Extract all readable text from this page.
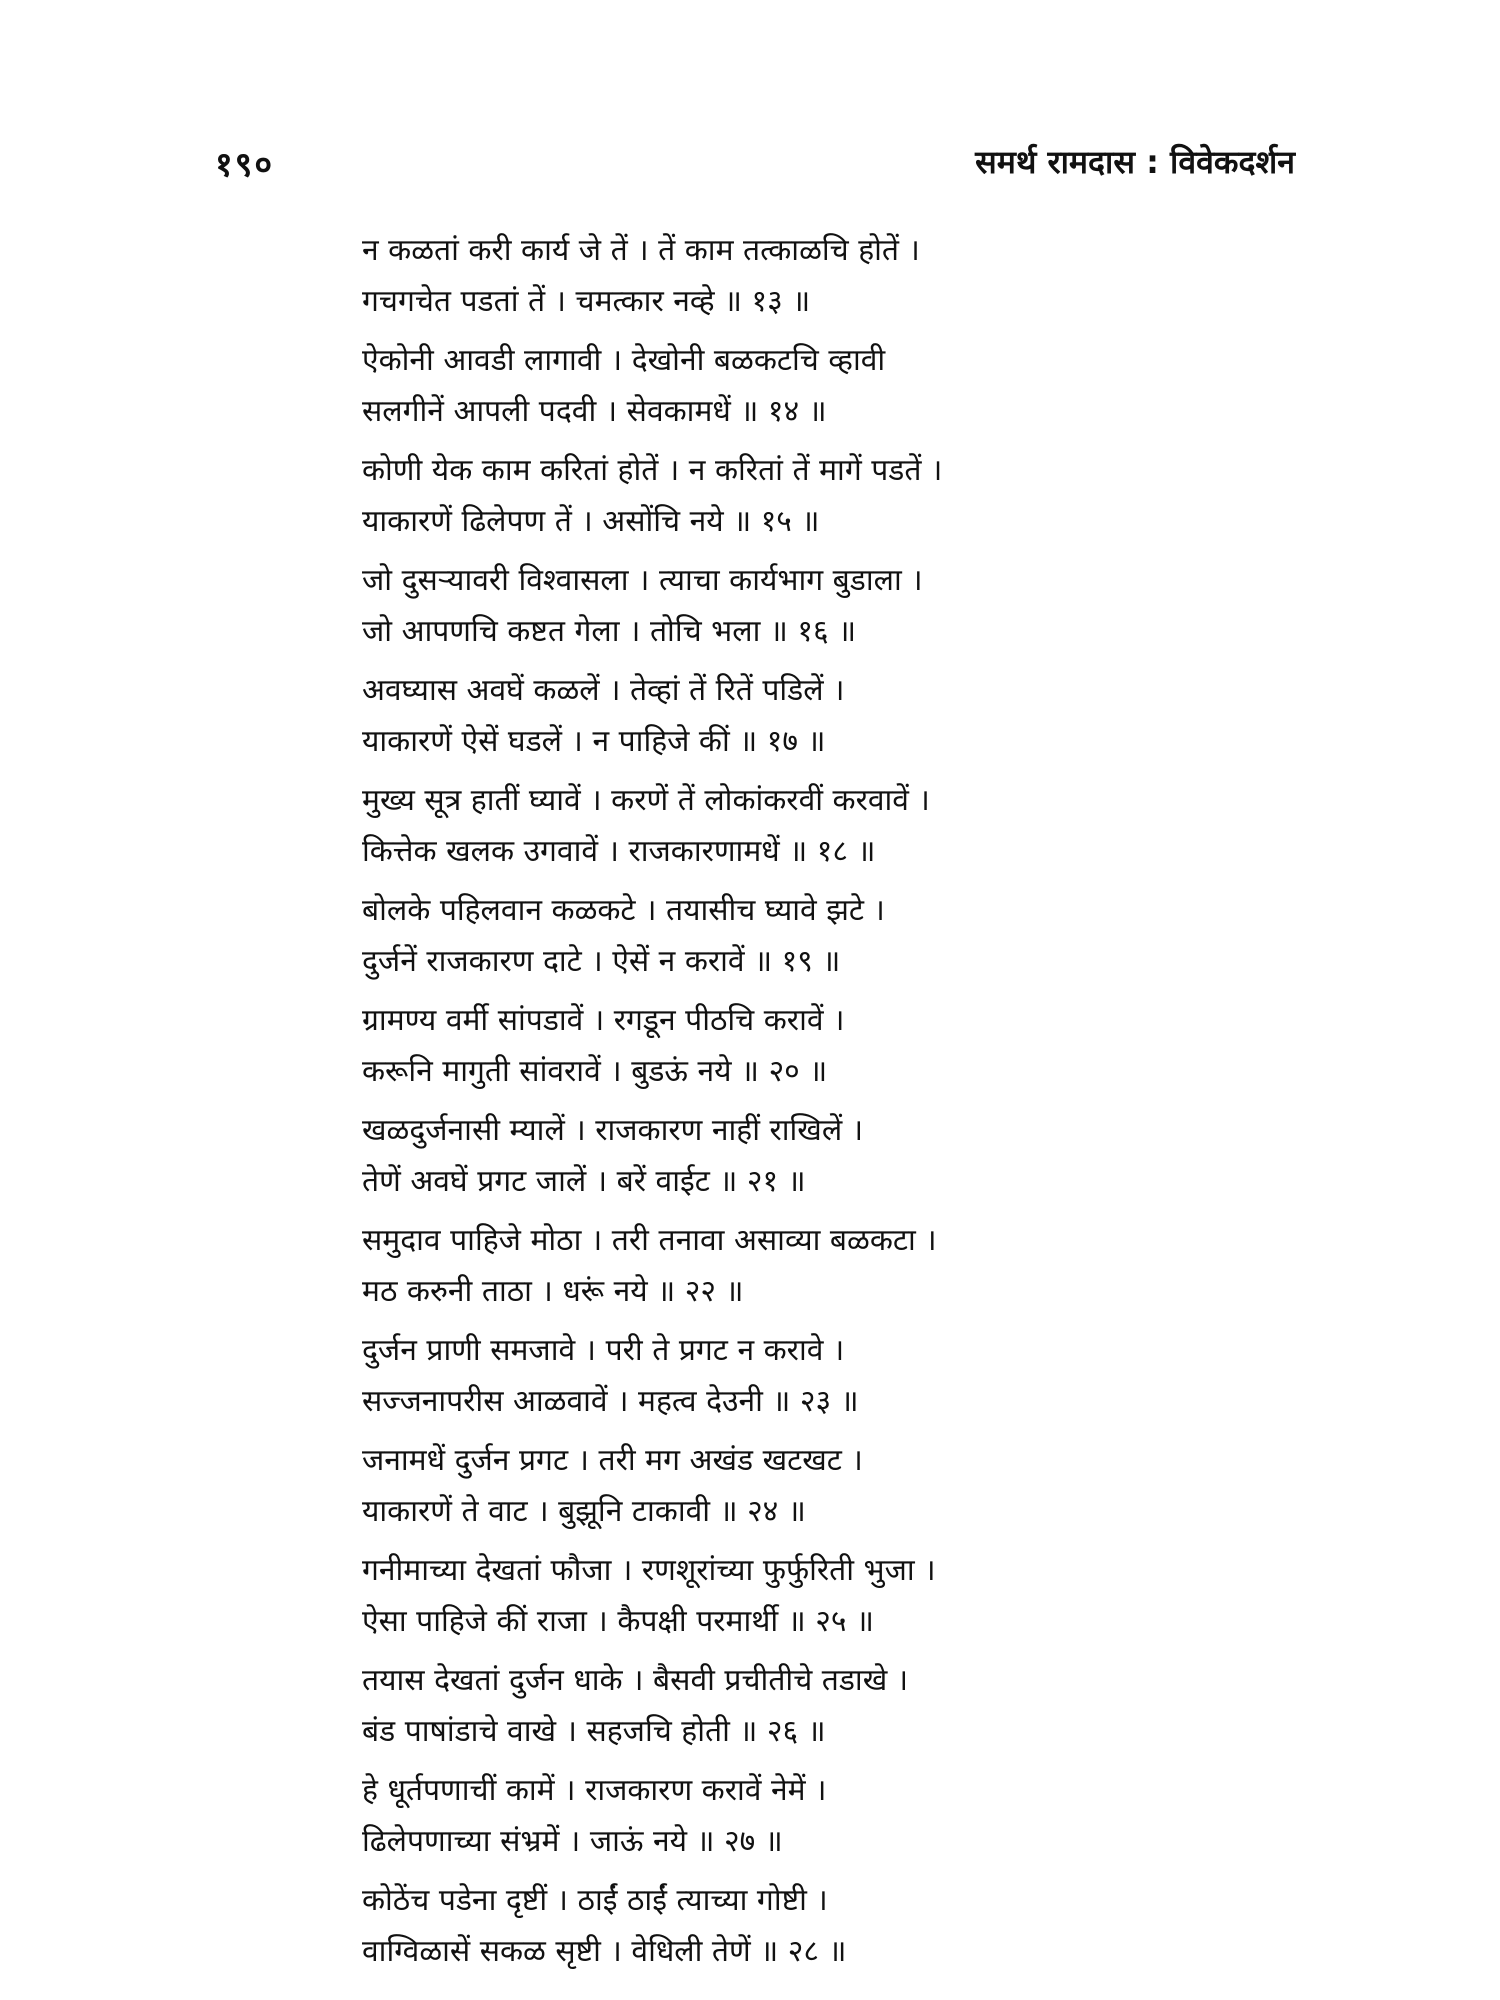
१९०	समर्थ रामदास : विवेकदर्शन
न कळतां करी कार्य जे तें । तें काम तत्काळचि होतें ।
गचगचेत पडतां तें । चमत्कार नव्हे ॥ १३ ॥
ऐकोनी आवडी लागावी । देखोनी बळकटचि व्हावी
सलगीनें आपली पदवी । सेवकामधें ॥ १४ ॥
कोणी येक काम करितां होतें । न करितां तें मागें पडतें ।
याकारणें ढिलेपण तें । असोंचि नये ॥ १५ ॥
जो दुसऱ्यावरी विश्वासला । त्याचा कार्यभाग बुडाला ।
जो आपणचि कष्टत गेला । तोचि भला ॥ १६ ॥
अवघ्यास अवघें कळलें । तेव्हां तें रितें पडिलें ।
याकारणें ऐसें घडलें । न पाहिजे कीं ॥ १७ ॥
मुख्य सूत्र हातीं घ्यावें । करणें तें लोकांकरवीं करवावें ।
कित्तेक खलक उगवावें । राजकारणामधें ॥ १८ ॥
बोलके पहिलवान कळकटे । तयासीच घ्यावे झटे ।
दुर्जनें राजकारण दाटे । ऐसें न करावें ॥ १९ ॥
ग्रामण्य वर्मी सांपडावें । रगडून पीठचि करावें ।
करूनि मागुती सांवरावें । बुडऊं नये ॥ २० ॥
खळदुर्जनासी म्यालें । राजकारण नाहीं राखिलें ।
तेणें अवघें प्रगट जालें । बरें वाईट ॥ २१ ॥
समुदाव पाहिजे मोठा । तरी तनावा असाव्या बळकटा ।
मठ करुनी ताठा । धरूं नये ॥ २२ ॥
दुर्जन प्राणी समजावे । परी ते प्रगट न करावे ।
सज्जनापरीस आळवावें । महत्व देउनी ॥ २३ ॥
जनामधें दुर्जन प्रगट । तरी मग अखंड खटखट ।
याकारणें ते वाट । बुझूनि टाकावी ॥ २४ ॥
गनीमाच्या देखतां फौजा । रणशूरांच्या फुर्फुरिती भुजा ।
ऐसा पाहिजे कीं राजा । कैपक्षी परमार्थी ॥ २५ ॥
तयास देखतां दुर्जन धाके । बैसवी प्रचीतीचे तडाखे ।
बंड पाषांडाचे वाखे । सहजचि होती ॥ २६ ॥
हे धूर्तपणाचीं कामें । राजकारण करावें नेमें ।
ढिलेपणाच्या संभ्रमें । जाऊं नये ॥ २७ ॥
कोठेंच पडेना दृष्टीं । ठाईं ठाईं त्याच्या गोष्टी ।
वाग्विळासें सकळ सृष्टी । वेधिली तेणें ॥ २८ ॥
